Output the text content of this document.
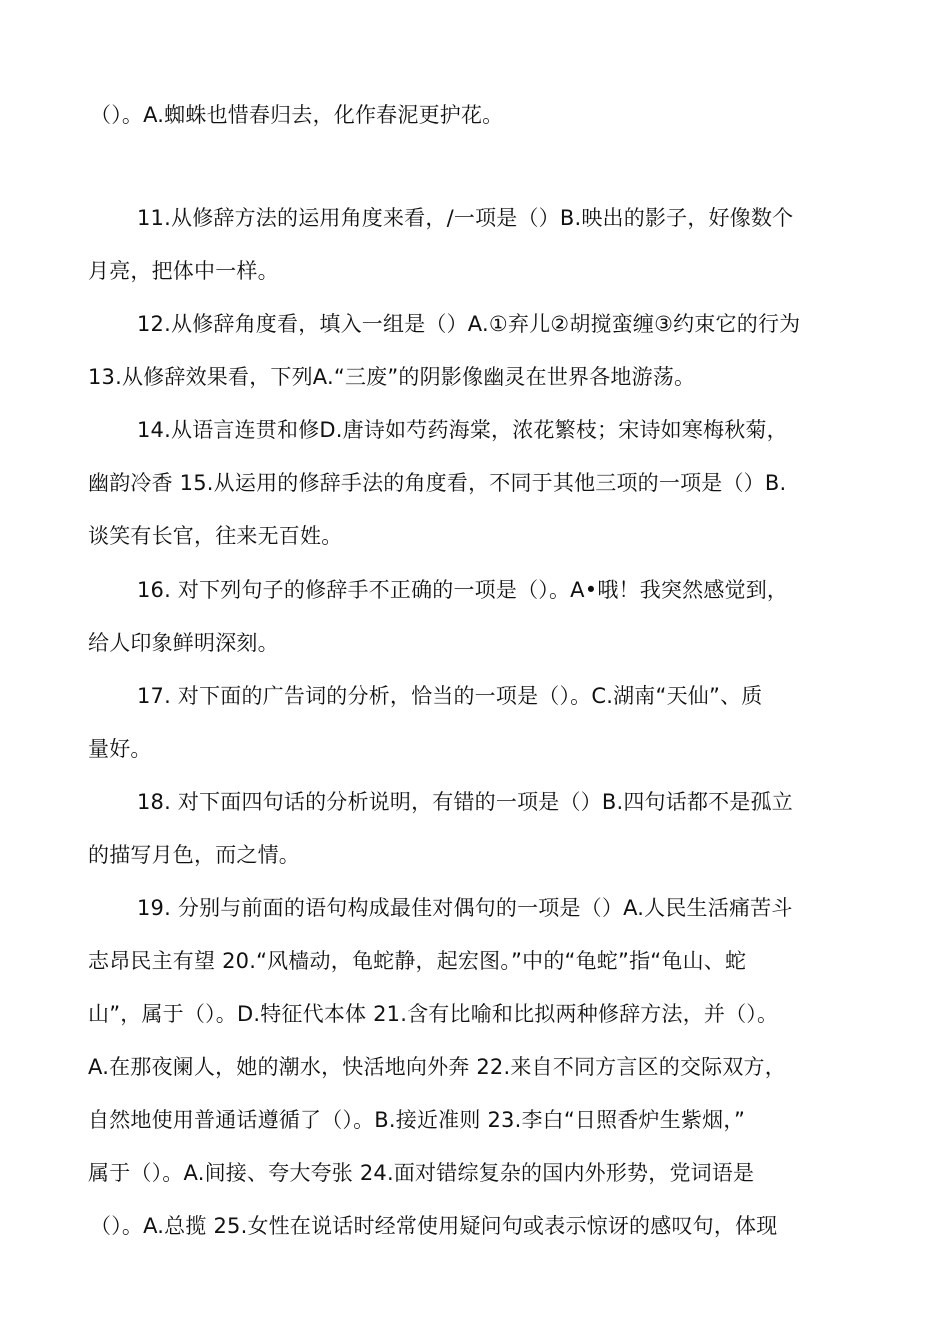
（）。A.蜘蛛也惜春归去，化作春泥更护花。
11.从修辞方法的运用角度来看，/一项是（）B.映出的影子，好像数个
月亮，把体中一样。
12.从修辞角度看，填入一组是（）A.①弃儿②胡搅蛮缠③约束它的行为
13.从修辞效果看，下列A.“三废”的阴影像幽灵在世界各地游荡。
14.从语言连贯和修D.唐诗如芍药海棠，浓花繁枝；宋诗如寒梅秋菊，
幽韵冷香 15.从运用的修辞手法的角度看，不同于其他三项的一项是（）B.
谈笑有长官，往来无百姓。
16. 对下列句子的修辞手不正确的一项是（）。A•哦！我突然感觉到，
给人印象鲜明深刻。
17. 对下面的广告词的分析，恰当的一项是（）。C.湖南“天仙”、质
量好。
18. 对下面四句话的分析说明，有错的一项是（）B.四句话都不是孤立
的描写月色，而之情。
19. 分别与前面的语句构成最佳对偶句的一项是（）A.人民生活痛苦斗
志昂民主有望 20.“风樯动，龟蛇静，起宏图。”中的“龟蛇”指“龟山、蛇
山”，属于（）。D.特征代本体 21.含有比喻和比拟两种修辞方法，并（）。
A.在那夜阑人，她的潮水，快活地向外奔 22.来自不同方言区的交际双方，
自然地使用普通话遵循了（）。B.接近准则 23.李白“日照香炉生紫烟，”
属于（）。A.间接、夸大夸张 24.面对错综复杂的国内外形势，党词语是
（）。A.总揽 25.女性在说话时经常使用疑问句或表示惊讶的感叹句，体现
